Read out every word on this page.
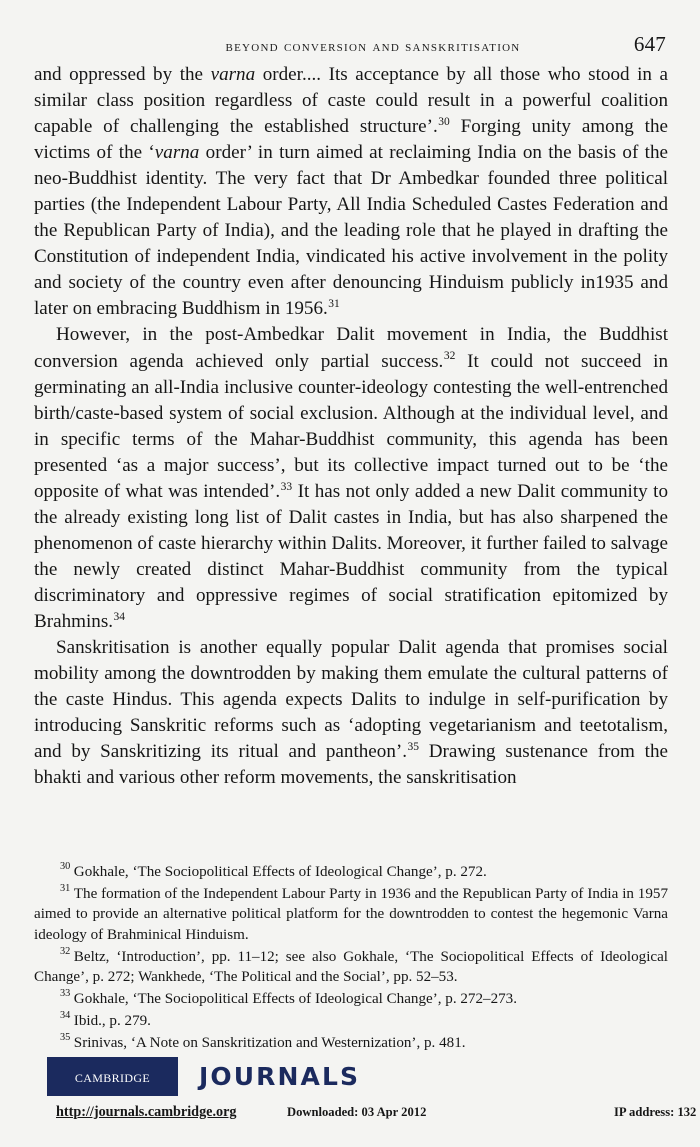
beyond conversion and sanskritisation	647

and oppressed by the varna order.... Its acceptance by all those who stood in a similar class position regardless of caste could result in a powerful coalition capable of challenging the established structure’.$^{30}$ Forging unity among the victims of the ‘varna order’ in turn aimed at reclaiming India on the basis of the neo-Buddhist identity. The very fact that Dr Ambedkar founded three political parties (the Independent Labour Party, All India Scheduled Castes Federation and the Republican Party of India), and the leading role that he played in drafting the Constitution of independent India, vindicated his active involvement in the polity and society of the country even after denouncing Hinduism publicly in1935 and later on embracing Buddhism in 1956.31

However, in the post-Ambedkar Dalit movement in India, the Buddhist conversion agenda achieved only partial success.$^{32}$ It could not succeed in germinating an all-India inclusive counter-ideology contesting the well-entrenched birth/caste-based system of social exclusion. Although at the individual level, and in specific terms of the Mahar-Buddhist community, this agenda has been presented ‘as a major success’, but its collective impact turned out to be ‘the opposite of what was intended’.$^{33}$ It has not only added a new Dalit community to the already existing long list of Dalit castes in India, but has also sharpened the phenomenon of caste hierarchy within Dalits. Moreover, it further failed to salvage the newly created distinct Mahar-Buddhist community from the typical discriminatory and oppressive regimes of social stratification epitomized by Brahmins.$^{34}$

Sanskritisation is another equally popular Dalit agenda that promises social mobility among the downtrodden by making them emulate the cultural patterns of the caste Hindus. This agenda expects Dalits to indulge in self-purification by introducing Sanskritic reforms such as ‘adopting vegetarianism and teetotalism, and by Sanskritizing its ritual and pantheon’.$^{35}$ Drawing sustenance from the bhakti and various other reform movements, the sanskritisation

$^{30}$ Gokhale, ‘The Sociopolitical Effects of Ideological Change’, p. 272.

$^{31}$ The formation of the Independent Labour Party in 1936 and the Republican Party of India in 1957 aimed to provide an alternative political platform for the downtrodden to contest the hegemonic Varna ideology of Brahminical Hinduism.

$^{32}$ Beltz, ‘Introduction’, pp. 11–12; see also Gokhale, ‘The Sociopolitical Effects of Ideological Change’, p. 272; Wankhede, ‘The Political and the Social’, pp. 52–53.

$^{33}$ Gokhale, ‘The Sociopolitical Effects of Ideological Change’, p. 272–273.

$^{34}$ Ibid., p. 279.

$^{35}$ Srinivas, ‘A Note on Sanskritization and Westernization’, p. 481.

cambridge JOURNALS
http://journals.cambridge.org	Downloaded: 03 Apr 2012	IP address: 132
